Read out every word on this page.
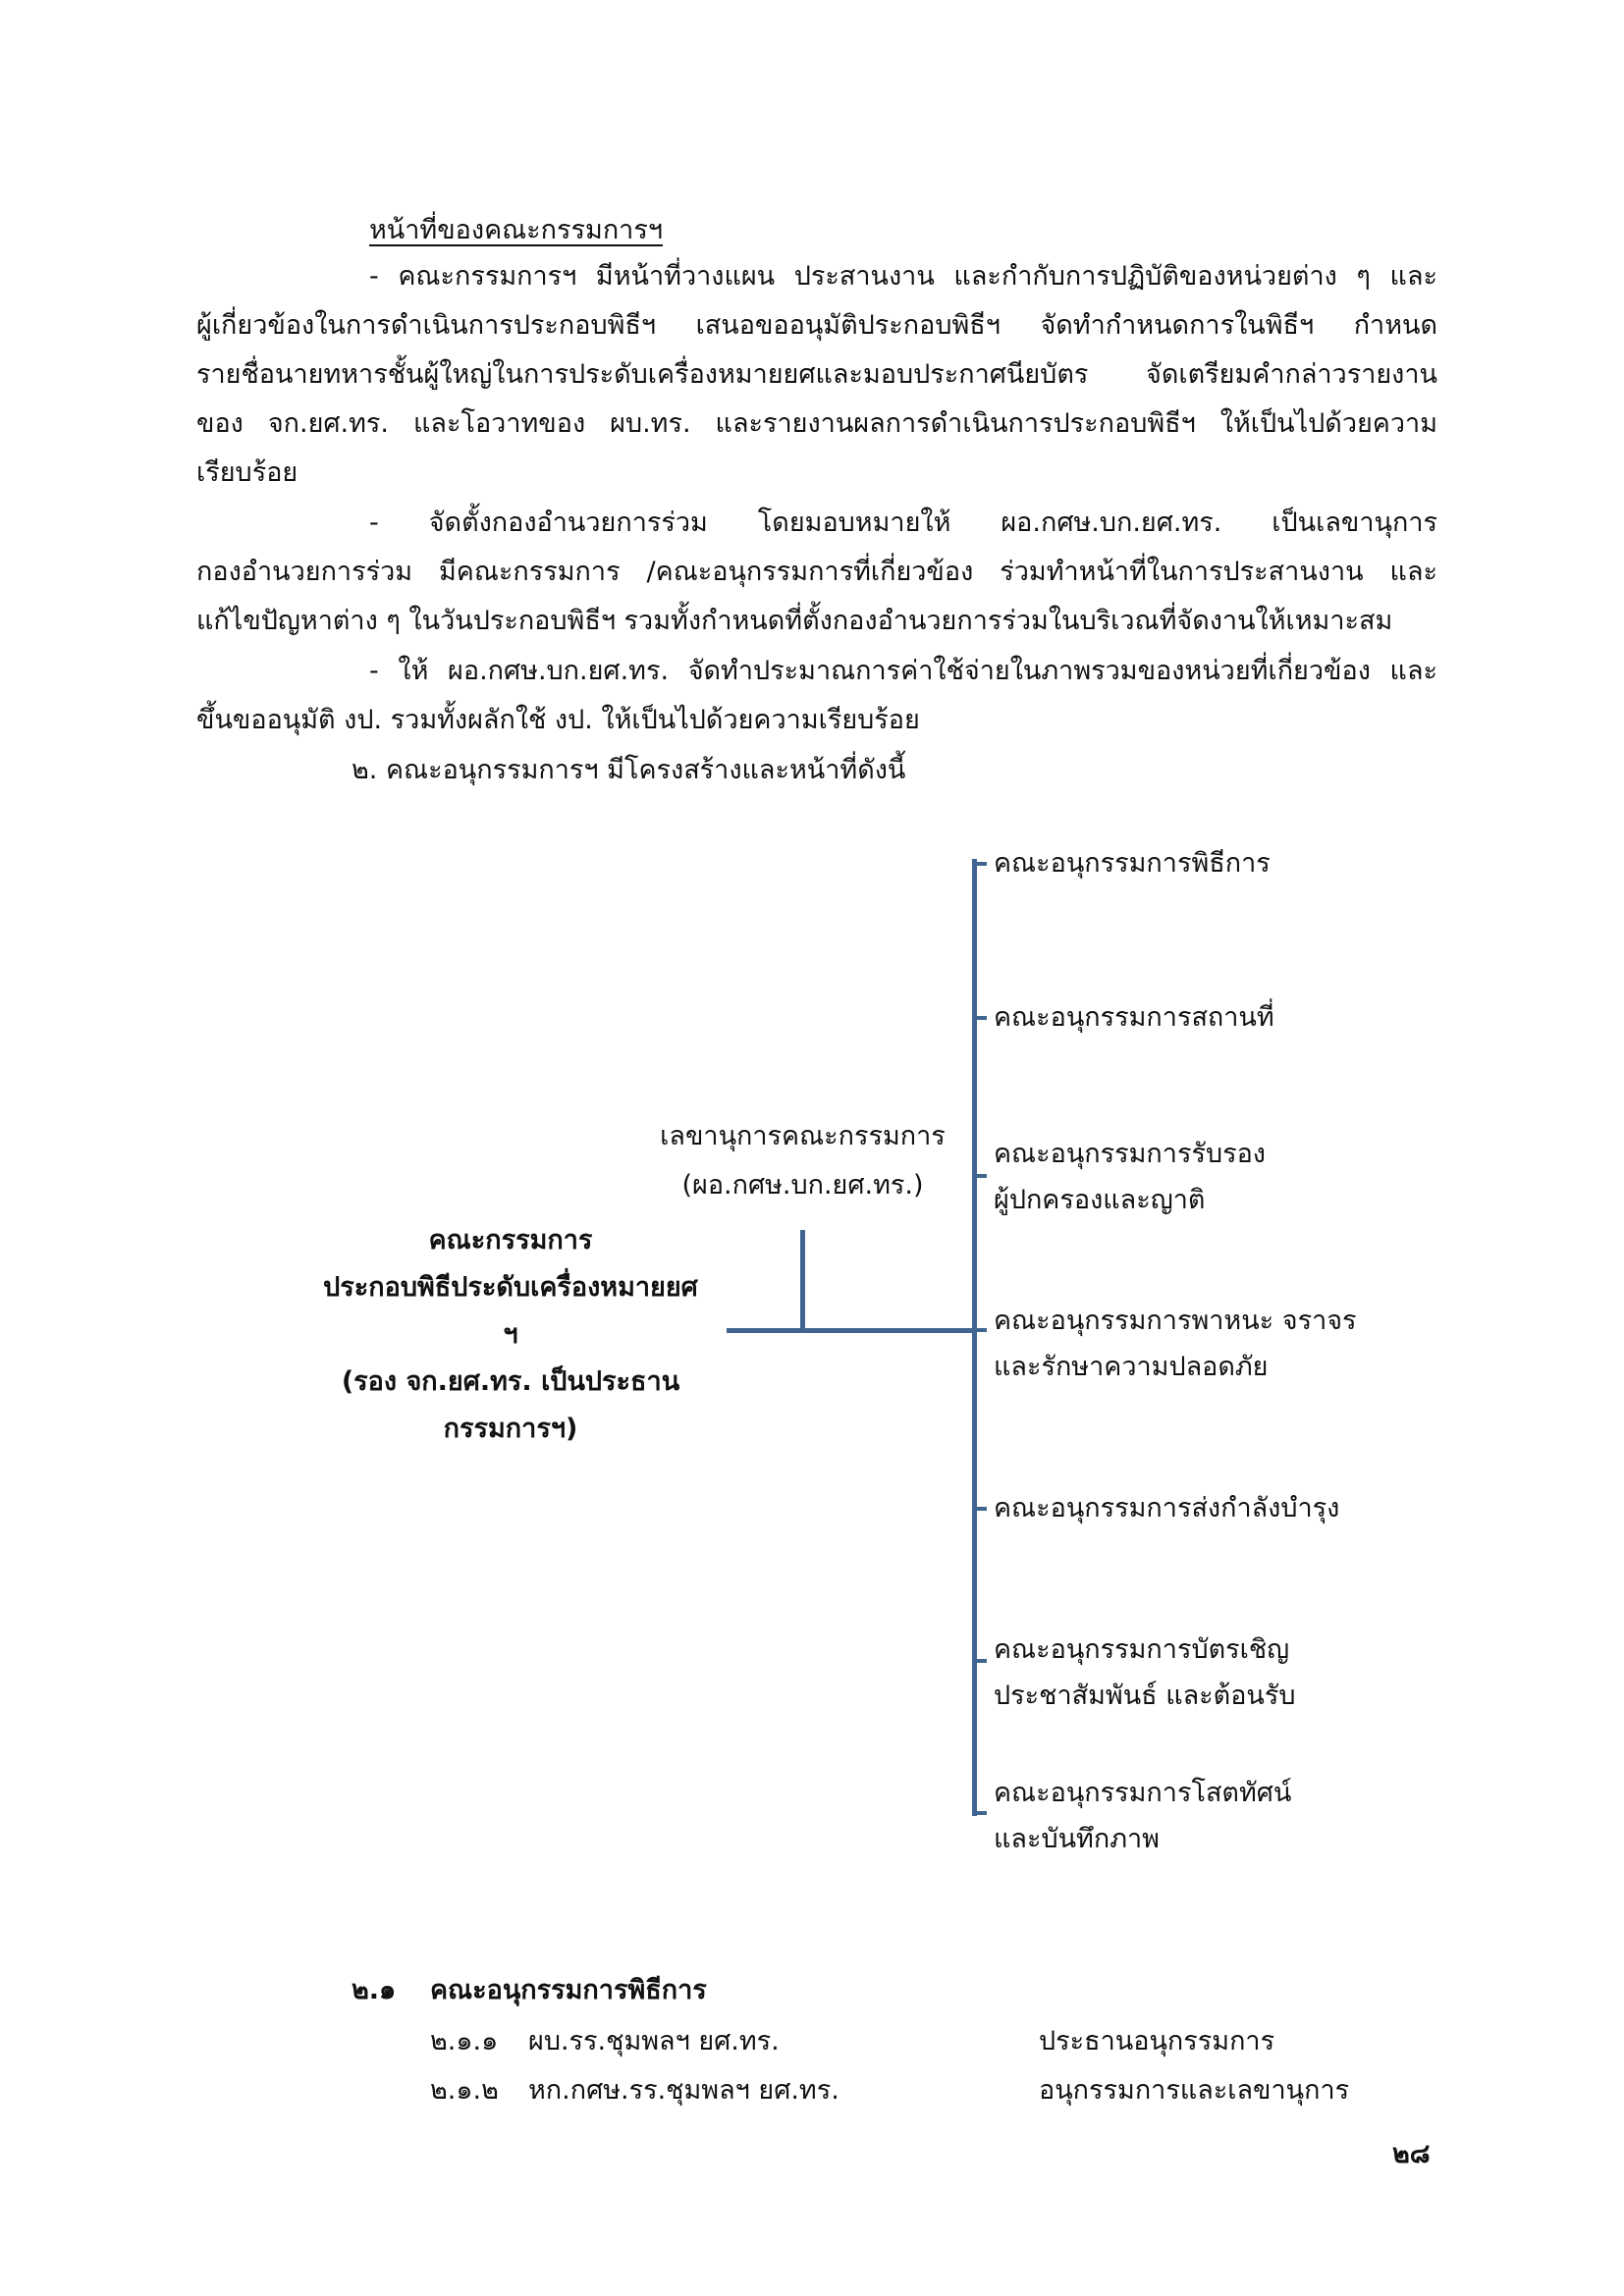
หน้าที่ของคณะกรรมการฯ

- คณะกรรมการฯ มีหน้าที่วางแผน ประสานงาน และกำกับการปฏิบัติของหน่วยต่าง ๆ และ

ผู้เกี่ยวข้องในการดำเนินการประกอบพิธีฯ เสนอขออนุมัติประกอบพิธีฯ จัดทำกำหนดการในพิธีฯ กำหนด

รายชื่อนายทหารชั้นผู้ใหญ่ในการประดับเครื่องหมายยศและมอบประกาศนียบัตร จัดเตรียมคำกล่าวรายงาน

ของ จก.ยศ.ทร. และโอวาทของ ผบ.ทร. และรายงานผลการดำเนินการประกอบพิธีฯ ให้เป็นไปด้วยความ

เรียบร้อย

- จัดตั้งกองอำนวยการร่วม โดยมอบหมายให้ ผอ.กศษ.บก.ยศ.ทร. เป็นเลขานุการ

กองอำนวยการร่วม มีคณะกรรมการ /คณะอนุกรรมการที่เกี่ยวข้อง ร่วมทำหน้าที่ในการประสานงาน และ

แก้ไขปัญหาต่าง ๆ ในวันประกอบพิธีฯ รวมทั้งกำหนดที่ตั้งกองอำนวยการร่วมในบริเวณที่จัดงานให้เหมาะสม

- ให้ ผอ.กศษ.บก.ยศ.ทร. จัดทำประมาณการค่าใช้จ่ายในภาพรวมของหน่วยที่เกี่ยวข้อง และ

ขึ้นขออนุมัติ งป. รวมทั้งผลักใช้ งป. ให้เป็นไปด้วยความเรียบร้อย

๒. คณะอนุกรรมการฯ มีโครงสร้างและหน้าที่ดังนี้
คณะกรรมการ
ประกอบพิธีประดับเครื่องหมายยศ
ฯ
(รอง จก.ยศ.ทร. เป็นประธาน
กรรมการฯ)
เลขานุการคณะกรรมการ
(ผอ.กศษ.บก.ยศ.ทร.)
คณะอนุกรรมการพิธีการ
คณะอนุกรรมการสถานที่
คณะอนุกรรมการรับรอง
ผู้ปกครองและญาติ
คณะอนุกรรมการพาหนะ จราจร
และรักษาความปลอดภัย
คณะอนุกรรมการส่งกำลังบำรุง
คณะอนุกรรมการบัตรเชิญ
ประชาสัมพันธ์ และต้อนรับ
คณะอนุกรรมการโสตทัศน์
และบันทึกภาพ
๒.๑ คณะอนุกรรมการพิธีการ
๒.๑.๑ ผบ.รร.ชุมพลฯ ยศ.ทร.	ประธานอนุกรรมการ
๒.๑.๒ หก.กศษ.รร.ชุมพลฯ ยศ.ทร.	อนุกรรมการและเลขานุการ
๒๘
